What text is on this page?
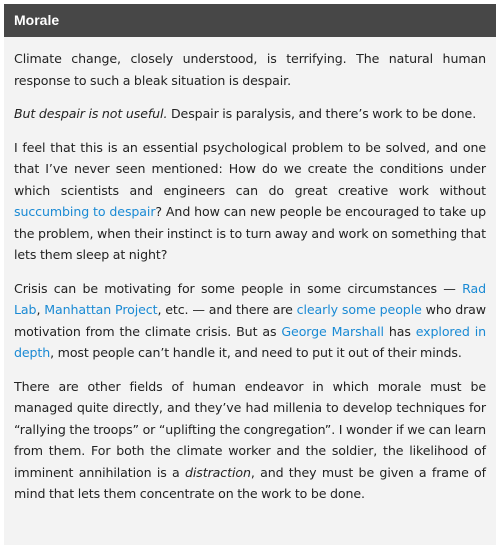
Morale

Climate change, closely understood, is terrifying. The natural human response to such a bleak situation is despair.

But despair is not useful. Despair is paralysis, and there’s work to be done.

I feel that this is an essential psychological problem to be solved, and one that I’ve never seen mentioned: How do we create the conditions under which scientists and engineers can do great creative work without succumbing to despair? And how can new people be encouraged to take up the problem, when their instinct is to turn away and work on something that lets them sleep at night?

Crisis can be motivating for some people in some circumstances — Rad Lab, Manhattan Project, etc. — and there are clearly some people who draw motivation from the climate crisis. But as George Marshall has explored in depth, most people can’t handle it, and need to put it out of their minds.

There are other fields of human endeavor in which morale must be managed quite directly, and they’ve had millenia to develop techniques for “rallying the troops” or “uplifting the congregation”. I wonder if we can learn from them. For both the climate worker and the soldier, the likelihood of imminent annihilation is a distraction, and they must be given a frame of mind that lets them concentrate on the work to be done.
